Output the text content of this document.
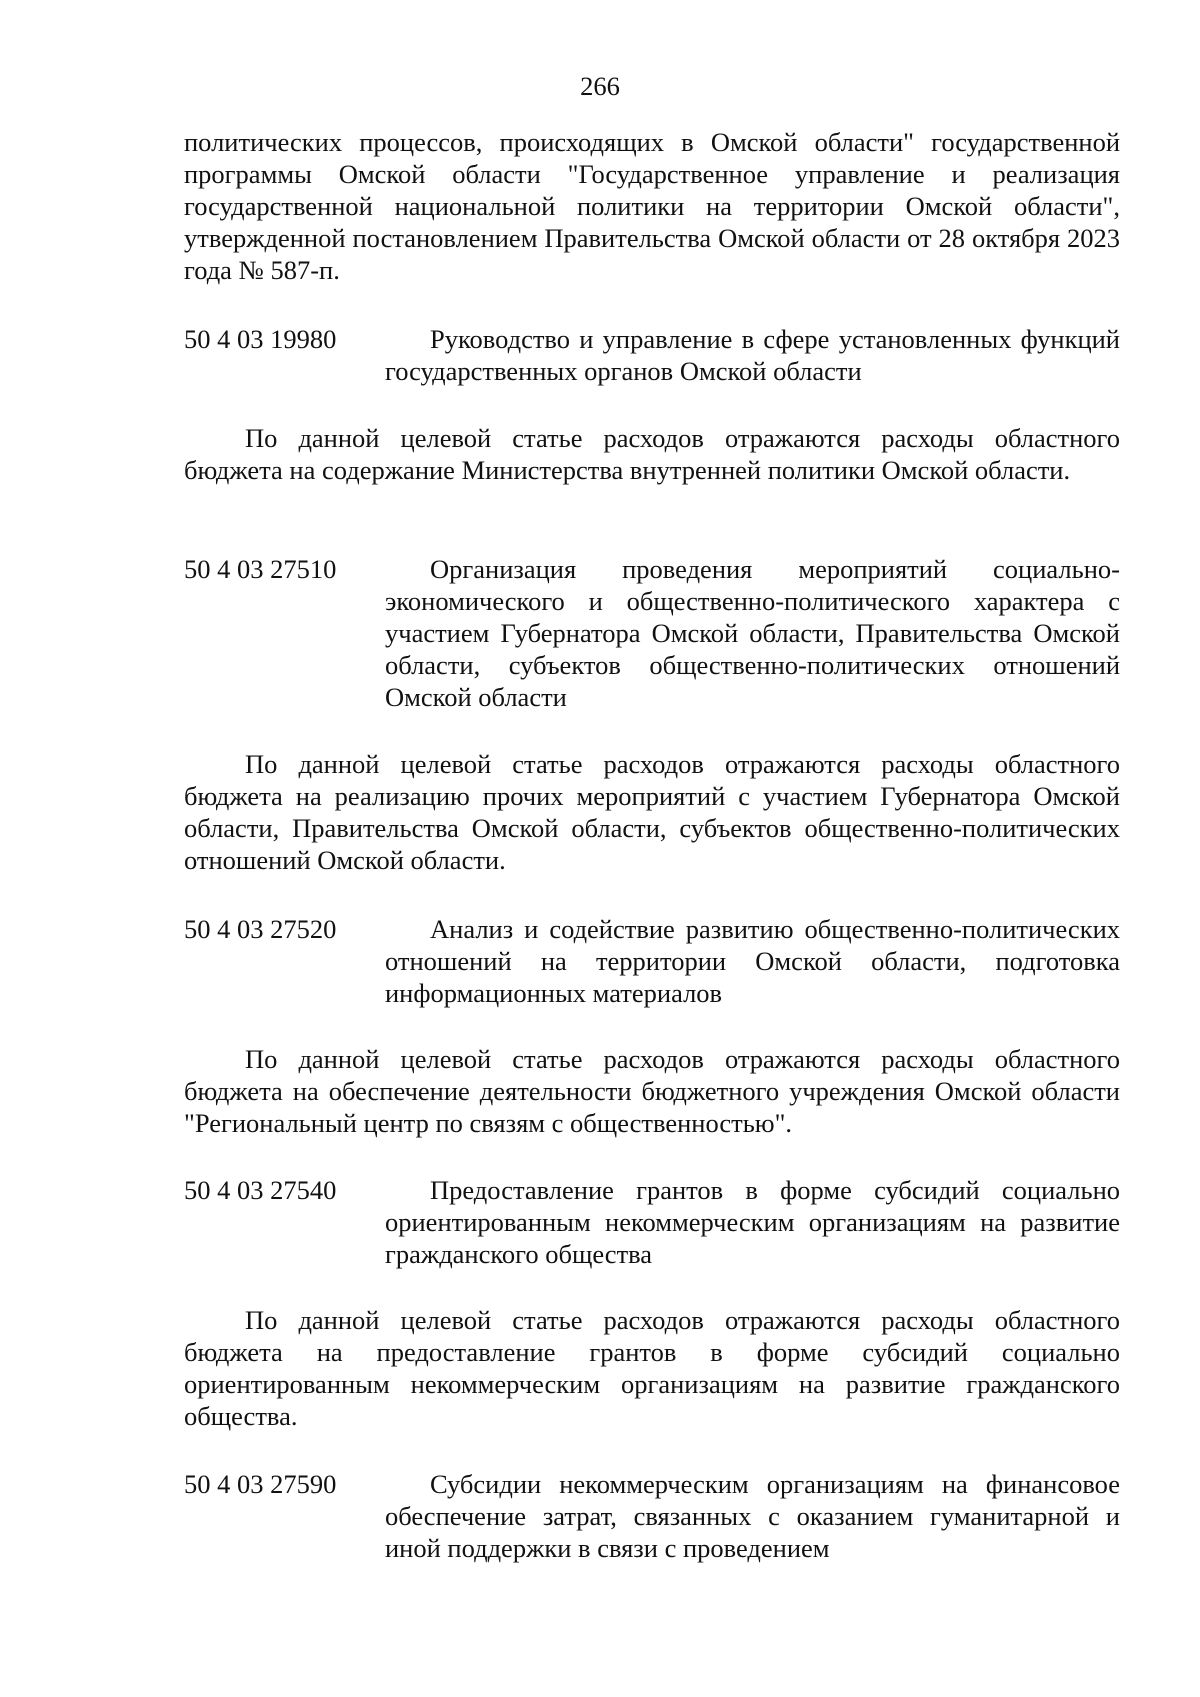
266

политических процессов, происходящих в Омской области" государственной программы Омской области "Государственное управление и реализация государственной национальной политики на территории Омской области", утвержденной постановлением Правительства Омской области от 28 октября 2023 года № 587-п.

50 4 03 19980	Руководство и управление в сфере установленных функций государственных органов Омской области

По данной целевой статье расходов отражаются расходы областного бюджета на содержание Министерства внутренней политики Омской области.

50 4 03 27510	Организация проведения мероприятий социально-экономического и общественно-политического характера с участием Губернатора Омской области, Правительства Омской области, субъектов общественно-политических отношений Омской области

По данной целевой статье расходов отражаются расходы областного бюджета на реализацию прочих мероприятий с участием Губернатора Омской области, Правительства Омской области, субъектов общественно-политических отношений Омской области.

50 4 03 27520	Анализ и содействие развитию общественно-политических отношений на территории Омской области, подготовка информационных материалов

По данной целевой статье расходов отражаются расходы областного бюджета на обеспечение деятельности бюджетного учреждения Омской области "Региональный центр по связям с общественностью".

50 4 03 27540	Предоставление грантов в форме субсидий социально ориентированным некоммерческим организациям на развитие гражданского общества

По данной целевой статье расходов отражаются расходы областного бюджета на предоставление грантов в форме субсидий социально ориентированным некоммерческим организациям на развитие гражданского общества.

50 4 03 27590	Субсидии некоммерческим организациям на финансовое обеспечение затрат, связанных с оказанием гуманитарной и иной поддержки в связи с проведением
